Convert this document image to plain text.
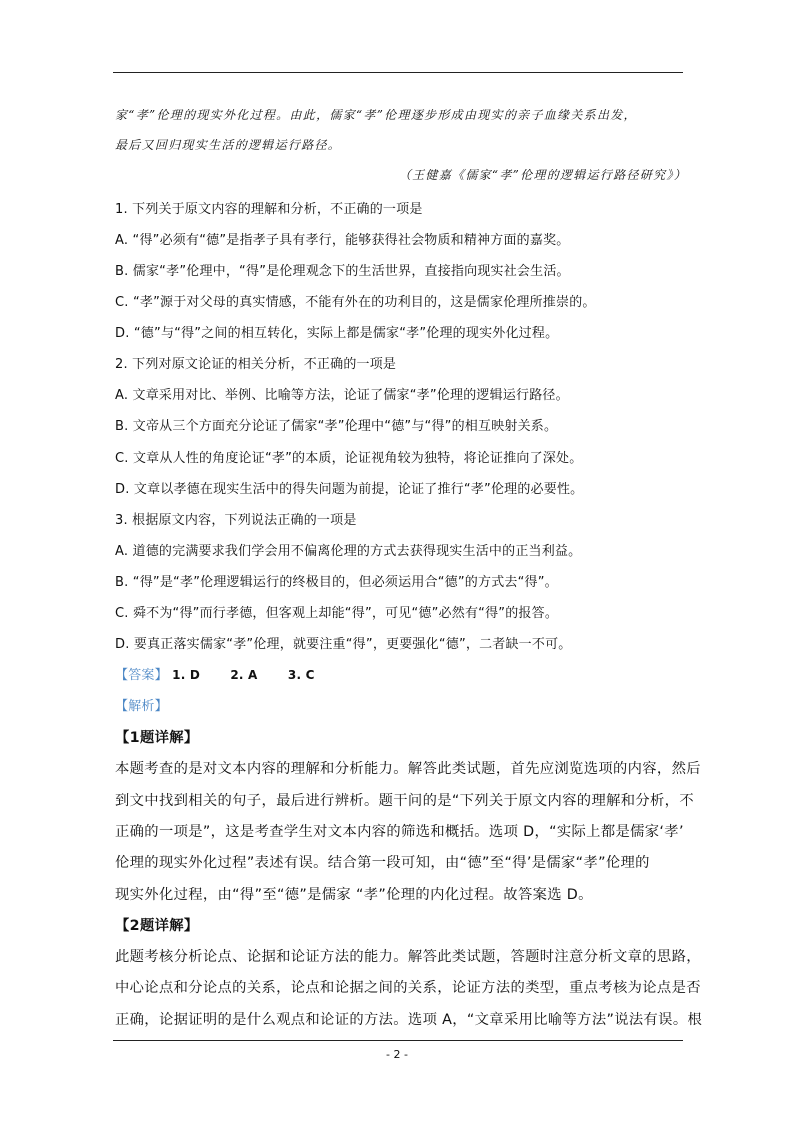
家“孝”伦理的现实外化过程。由此，儒家“孝”伦理逐步形成由现实的亲子血缘关系出发，
最后又回归现实生活的逻辑运行路径。
（王健嘉《儒家“孝”伦理的逻辑运行路径研究》）
1. 下列关于原文内容的理解和分析，不正确的一项是
A. “得”必须有“德”是指孝子具有孝行，能够获得社会物质和精神方面的嘉奖。
B. 儒家“孝”伦理中，“得”是伦理观念下的生活世界，直接指向现实社会生活。
C. “孝”源于对父母的真实情感，不能有外在的功利目的，这是儒家伦理所推崇的。
D. “德”与“得”之间的相互转化，实际上都是儒家“孝”伦理的现实外化过程。
2. 下列对原文论证的相关分析，不正确的一项是
A. 文章采用对比、举例、比喻等方法，论证了儒家“孝”伦理的逻辑运行路径。
B. 文帝从三个方面充分论证了儒家“孝”伦理中“德”与“得”的相互映射关系。
C. 文章从人性的角度论证“孝”的本质，论证视角较为独特，将论证推向了深处。
D. 文章以孝德在现实生活中的得失问题为前提，论证了推行“孝”伦理的必要性。
3. 根据原文内容，下列说法正确的一项是
A. 道德的完满要求我们学会用不偏离伦理的方式去获得现实生活中的正当利益。
B. “得”是“孝”伦理逻辑运行的终极目的，但必须运用合“德”的方式去“得”。
C. 舜不为“得”而行孝德，但客观上却能“得”，可见“德”必然有“得”的报答。
D. 要真正落实儒家“孝”伦理，就要注重“得”，更要强化“德”，二者缺一不可。
【答案】 1. D	2. A	3. C
【解析】
【1题详解】
本题考查的是对文本内容的理解和分析能力。解答此类试题，首先应浏览选项的内容，然后
到文中找到相关的句子，最后进行辨析。题干问的是“下列关于原文内容的理解和分析，不
正确的一项是”，这是考查学生对文本内容的筛选和概括。选项 D，“实际上都是儒家‘孝’
伦理的现实外化过程”表述有误。结合第一段可知，由“德”至“得’是儒家“孝”伦理的
现实外化过程，由“得”至“德”是儒家 “孝”伦理的内化过程。故答案选 D。
【2题详解】
此题考核分析论点、论据和论证方法的能力。解答此类试题，答题时注意分析文章的思路，
中心论点和分论点的关系，论点和论据之间的关系，论证方法的类型，重点考核为论点是否
正确，论据证明的是什么观点和论证的方法。选项 A，“文章采用比喻等方法”说法有误。根
- 2 -
